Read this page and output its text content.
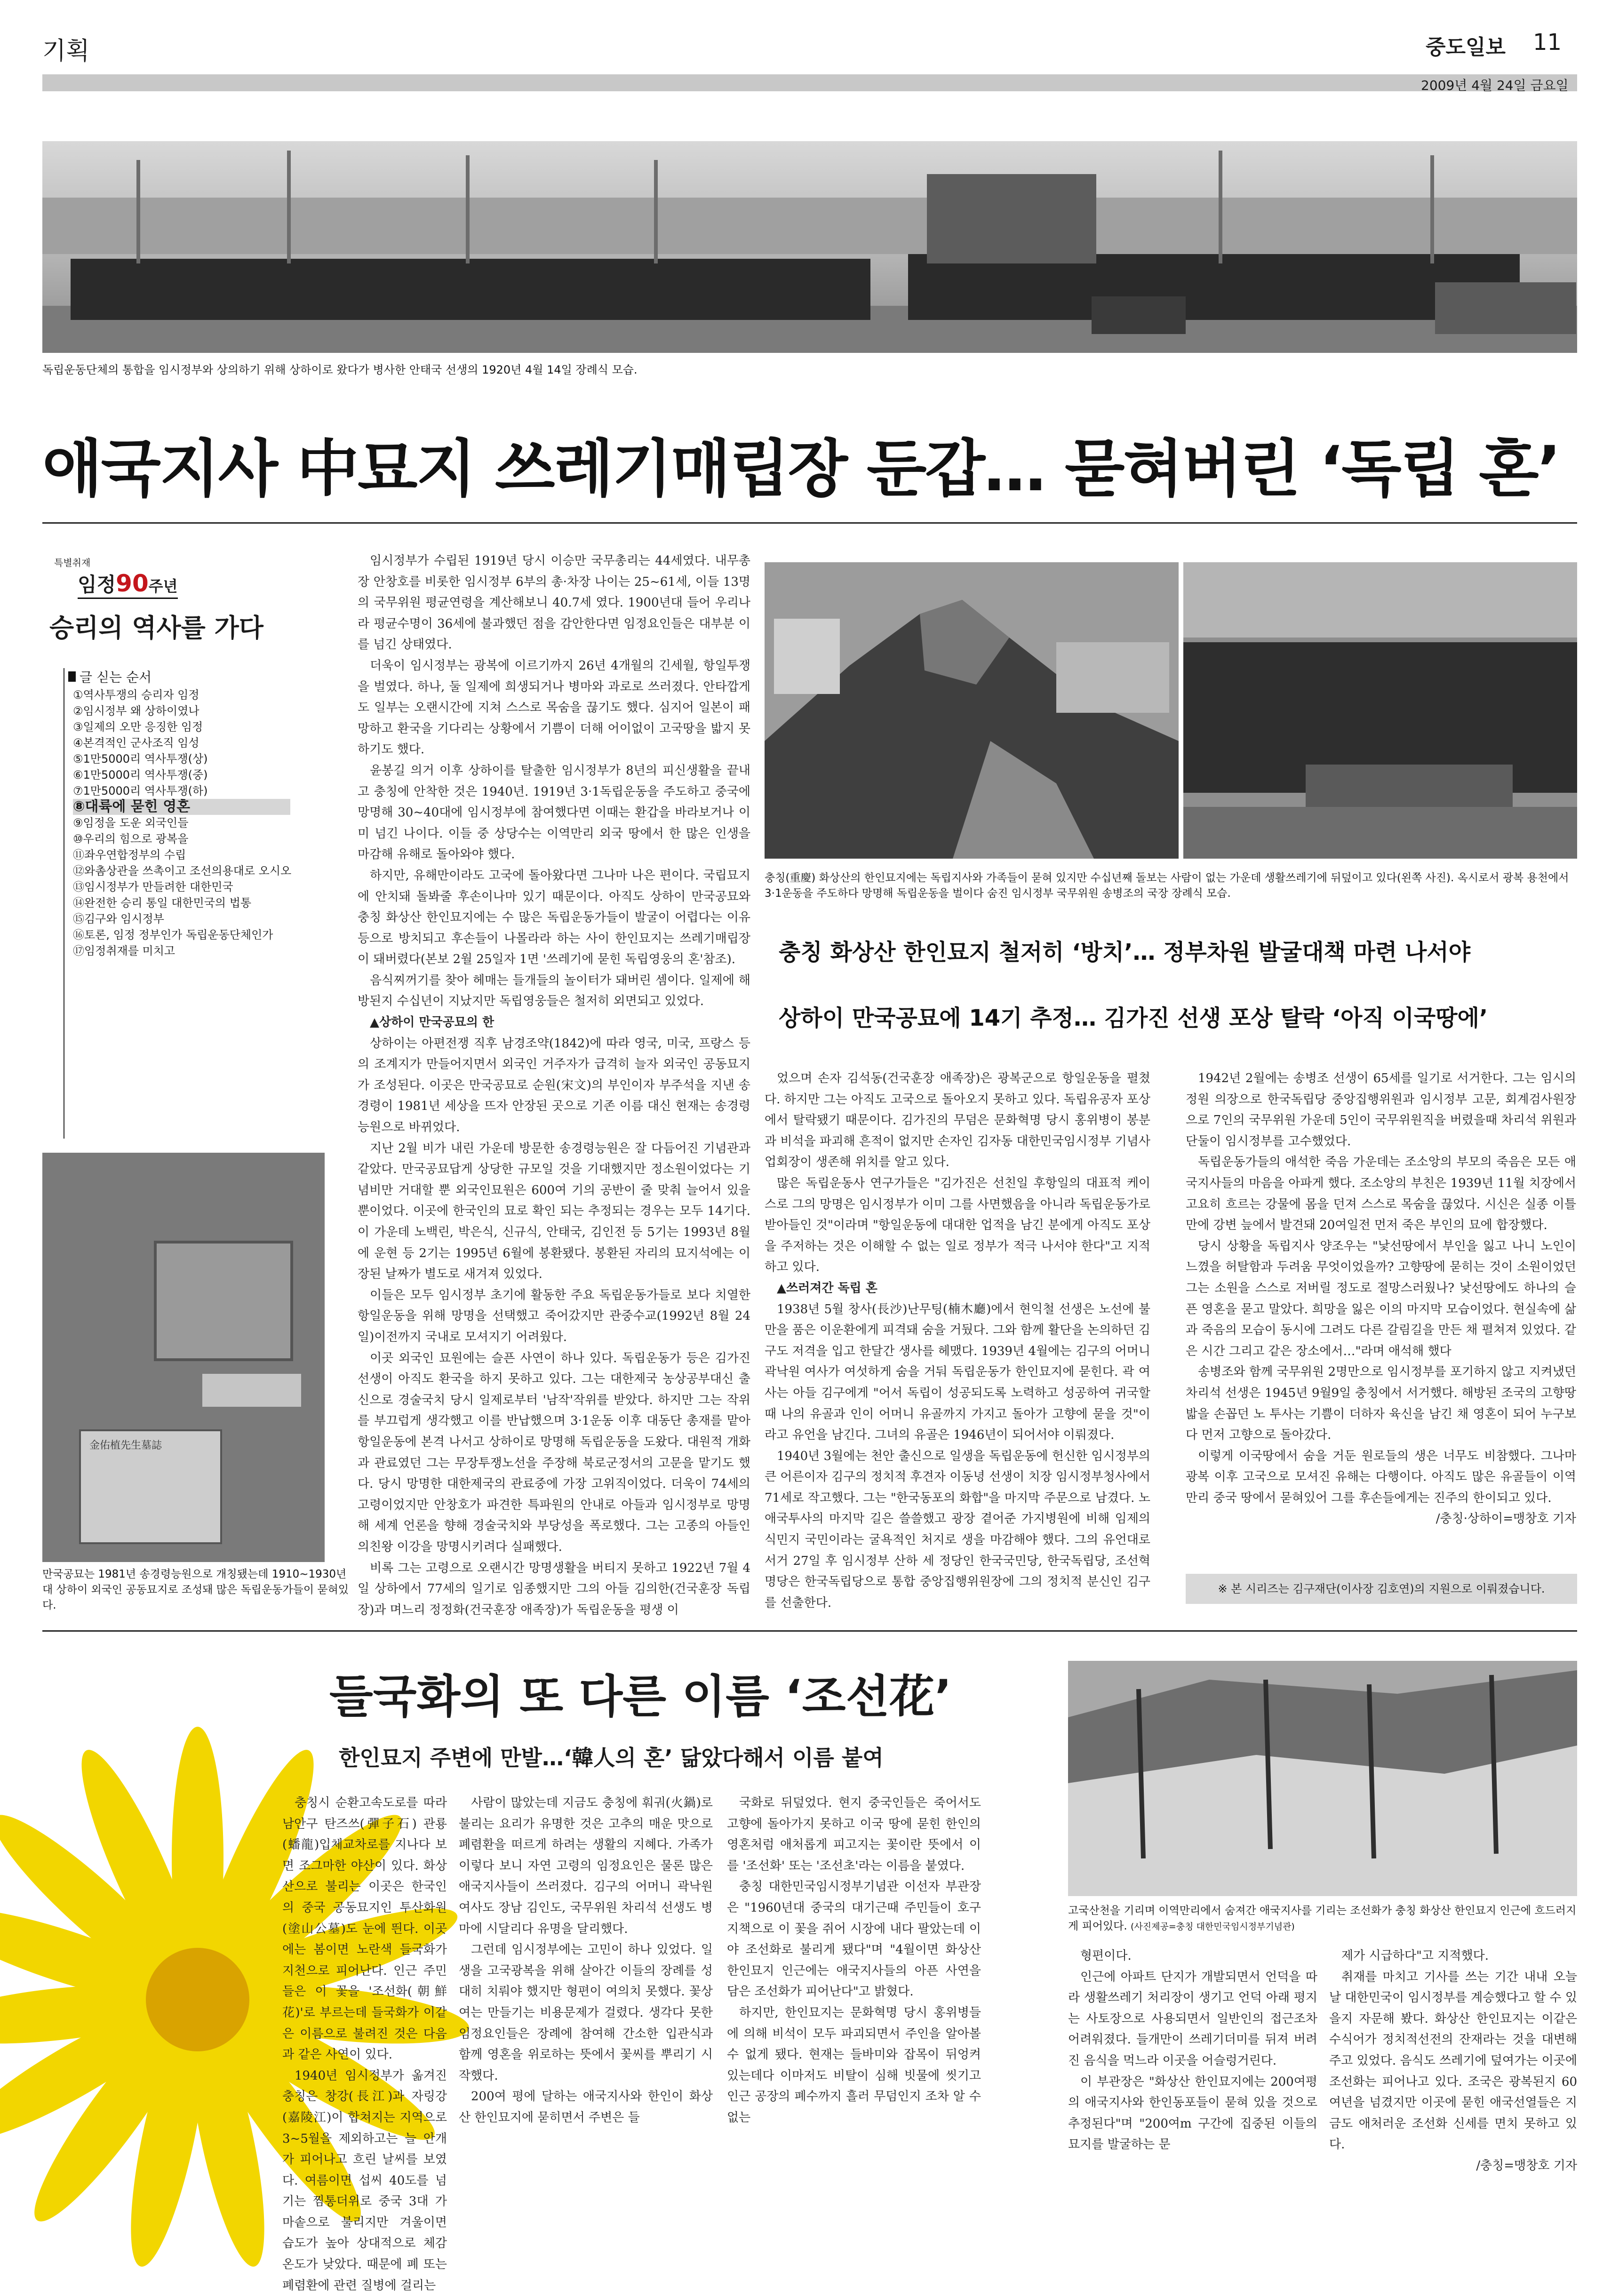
기획	중도일보 11
2009년 4월 24일 금요일
독립운동단체의 통합을 임시정부와 상의하기 위해 상하이로 왔다가 병사한 안태국 선생의 1920년 4월 14일 장례식 모습.
애국지사 中묘지 쓰레기매립장 둔갑… 묻혀버린 ‘독립 혼’
특별취재
임정90주년
승리의 역사를 가다
글 싣는 순서
①역사투쟁의 승리자 임정
②임시정부 왜 상하이였나
③일제의 오만 응징한 임정
④본격적인 군사조직 임성
⑤1만5000리 역사투쟁(상)
⑥1만5000리 역사투쟁(중)
⑦1만5000리 역사투쟁(하)
⑧대륙에 묻힌 영혼
⑨임정을 도운 외국인들
⑩우리의 힘으로 광복을
⑪좌우연합정부의 수립
⑫와촘상관을 쓰촉이고 조선의용대로 오시오
⑬임시정부가 만들려한 대한민국
⑭완전한 승리 통일 대한민국의 법통
⑮김구와 임시정부
⑯토론, 임정 정부인가 독립운동단체인가
⑰임정취재를 미치고

임시정부가 수립된 1919년 당시 이승만 국무총리는 44세였다. 내무총장 안창호를 비롯한 임시정부 6부의 총·차장 나이는 25~61세, 이들 13명의 국무위원 평균연령을 계산해보니 40.7세 였다. 1900년대 들어 우리나라 평균수명이 36세에 불과했던 점을 감안한다면 임정요인들은 대부분 이를 넘긴 상태였다.

더욱이 임시정부는 광복에 이르기까지 26년 4개월의 긴세월, 항일투쟁을 벌였다. 하나, 둘 일제에 희생되거나 병마와 과로로 쓰러졌다. 안타깝게도 일부는 오랜시간에 지쳐 스스로 목숨을 끊기도 했다. 심지어 일본이 패망하고 환국을 기다리는 상황에서 기쁨이 더해 어이없이 고국땅을 밟지 못하기도 했다.

윤봉길 의거 이후 상하이를 탈출한 임시정부가 8년의 피신생활을 끝내고 충칭에 안착한 것은 1940년. 1919년 3·1독립운동을 주도하고 중국에 망명해 30~40대에 임시정부에 참여했다면 이때는 환갑을 바라보거나 이미 넘긴 나이다. 이들 중 상당수는 이역만리 외국 땅에서 한 많은 인생을 마감해 유해로 돌아와야 했다.

하지만, 유해만이라도 고국에 돌아왔다면 그나마 나은 편이다. 국립묘지에 안치돼 돌봐줄 후손이나마 있기 때문이다. 아직도 상하이 만국공묘와 충칭 화상산 한인묘지에는 수 많은 독립운동가들이 발굴이 어렵다는 이유 등으로 방치되고 후손들이 나몰라라 하는 사이 한인묘지는 쓰레기매립장이 돼버렸다(본보 2월 25일자 1면 '쓰레기에 묻힌 독립영웅의 혼'참조).

음식찌꺼기를 찾아 헤매는 들개들의 놀이터가 돼버린 셈이다. 일제에 해방된지 수십년이 지났지만 독립영웅들은 철저히 외면되고 있었다.

▲상하이 만국공묘의 한

상하이는 아편전쟁 직후 남경조약(1842)에 따라 영국, 미국, 프랑스 등의 조계지가 만들어지면서 외국인 거주자가 급격히 늘자 외국인 공동묘지가 조성된다. 이곳은 만국공묘로 순원(宋文)의 부인이자 부주석을 지낸 송경령이 1981년 세상을 뜨자 안장된 곳으로 기존 이름 대신 현재는 송경령능원으로 바뀌었다.

지난 2월 비가 내린 가운데 방문한 송경령능원은 잘 다듬어진 기념관과 같았다. 만국공묘답게 상당한 규모일 것을 기대했지만 정소원이었다는 기념비만 거대할 뿐 외국인묘원은 600여 기의 공반이 줄 맞춰 늘어서 있을 뿐이었다. 이곳에 한국인의 묘로 확인 되는 추정되는 경우는 모두 14기다. 이 가운데 노백린, 박은식, 신규식, 안태국, 김인전 등 5기는 1993년 8월에 운현 등 2기는 1995년 6월에 봉환됐다. 봉환된 자리의 묘지석에는 이장된 날짜가 별도로 새겨져 있었다.

이들은 모두 임시정부 초기에 활동한 주요 독립운동가들로 보다 치열한 항일운동을 위해 망명을 선택했고 죽어갔지만 관중수교(1992년 8월 24일)이전까지 국내로 모셔지기 어려웠다.

이곳 외국인 묘원에는 슬픈 사연이 하나 있다. 독립운동가 등은 김가진 선생이 아직도 환국을 하지 못하고 있다. 그는 대한제국 농상공부대신 출신으로 경술국치 당시 일제로부터 '남작'작위를 받았다. 하지만 그는 작위를 부끄럽게 생각했고 이를 반납했으며 3·1운동 이후 대동단 총재를 맡아 항일운동에 본격 나서고 상하이로 망명해 독립운동을 도왔다. 대원적 개화과 관료였던 그는 무장투쟁노선을 주장해 북로군정서의 고문을 맡기도 했다. 당시 망명한 대한제국의 관료중에 가장 고위직이었다. 더욱이 74세의 고령이었지만 안창호가 파견한 특파원의 안내로 아들과 임시정부로 망명해 세계 언론을 향해 경술국치와 부당성을 폭로했다. 그는 고종의 아들인 의친왕 이강을 망명시키려다 실패했다.

비록 그는 고령으로 오랜시간 망명생활을 버티지 못하고 1922년 7월 4일 상하에서 77세의 일기로 임종했지만 그의 아들 김의한(건국훈장 독립장)과 며느리 정정화(건국훈장 애족장)가 독립운동을 평생 이

충칭(重慶) 화상산의 한인묘지에는 독립지사와 가족들이 묻혀 있지만 수십년째 돌보는 사람이 없는 가운데 생활쓰레기에 뒤덮이고 있다(왼쪽 사진). 옥시로서 광복 용천에서 3·1운동을 주도하다 망명해 독립운동을 벌이다 숨진 임시정부 국무위원 송병조의 국장 장례식 모습.
충칭 화상산 한인묘지 철저히 ‘방치’… 정부차원 발굴대책 마련 나서야
상하이 만국공묘에 14기 추정… 김가진 선생 포상 탈락 ‘아직 이국땅에’

었으며 손자 김석동(건국훈장 애족장)은 광복군으로 항일운동을 펼쳤다. 하지만 그는 아직도 고국으로 돌아오지 못하고 있다. 독립유공자 포상에서 탈락됐기 때문이다. 김가진의 무덤은 문화혁명 당시 홍위병이 봉분과 비석을 파괴해 흔적이 없지만 손자인 김자동 대한민국임시정부 기념사업회장이 생존해 위치를 알고 있다.

많은 독립운동사 연구가들은 "김가진은 선친일 후항일의 대표적 케이스로 그의 망명은 임시정부가 이미 그를 사면했음을 아니라 독립운동가로 받아들인 것"이라며 "항일운동에 대대한 업적을 남긴 분에게 아직도 포상을 주저하는 것은 이해할 수 없는 일로 정부가 적극 나서야 한다"고 지적하고 있다.

▲쓰러져간 독립 혼

1938년 5월 창사(長沙)난무팅(楠木廳)에서 현익철 선생은 노선에 불만을 품은 이운환에게 피격돼 숨을 거뒀다. 그와 함께 활단을 논의하던 김구도 저격을 입고 한달간 생사를 헤맸다. 1939년 4월에는 김구의 어머니 곽낙원 여사가 여섯하게 숨을 거둬 독립운동가 한인묘지에 묻힌다. 곽 여사는 아들 김구에게 "어서 독립이 성공되도록 노력하고 성공하여 귀국할때 나의 유골과 인이 어머니 유골까지 가지고 돌아가 고향에 묻을 것"이라고 유언을 남긴다. 그녀의 유골은 1946년이 되어서야 이뤄졌다.

1940년 3월에는 천안 출신으로 일생을 독립운동에 헌신한 임시정부의 큰 어른이자 김구의 정치적 후견자 이동녕 선생이 치장 임시정부청사에서 71세로 작고했다. 그는 "한국동포의 화합"을 마지막 주문으로 남겼다. 노 애국투사의 마지막 길은 쓸쓸했고 광장 곁어준 가지병원에 비해 임제의 식민지 국민이라는 굴욕적인 처지로 생을 마감해야 했다. 그의 유언대로 서거 27일 후 임시정부 산하 세 정당인 한국국민당, 한국독립당, 조선혁명당은 한국독립당으로 통합 중앙집행위원장에 그의 정치적 분신인 김구를 선출한다.

1942년 2월에는 송병조 선생이 65세를 일기로 서거한다. 그는 임시의정원 의장으로 한국독립당 중앙집행위원과 임시정부 고문, 회계검사원장으로 7인의 국무위원 가운데 5인이 국무위원직을 버렸을때 차리석 위원과 단둘이 임시정부를 고수했었다.

독립운동가들의 애석한 죽음 가운데는 조소앙의 부모의 죽음은 모든 애국지사들의 마음을 아파게 했다. 조소앙의 부친은 1939년 11월 치장에서 고요히 흐르는 강물에 몸을 던져 스스로 목숨을 끊었다. 시신은 실종 이틀만에 강변 늪에서 발견돼 20여일전 먼저 죽은 부인의 묘에 합장했다.

당시 상황을 독립지사 양조우는 "낯선땅에서 부인을 잃고 나니 노인이 느꼈을 허탈함과 두려움 무엇이었을까? 고향땅에 묻히는 것이 소원이었던 그는 소원을 스스로 저버릴 정도로 절망스러웠나? 낯선땅에도 하나의 슬픈 영혼을 묻고 말았다. 희망을 잃은 이의 마지막 모습이었다. 현실속에 삶과 죽음의 모습이 동시에 그려도 다른 갈림길을 만든 채 펼쳐져 있었다. 같은 시간 그리고 같은 장소에서…"라며 애석해 했다

송병조와 함께 국무위원 2명만으로 임시정부를 포기하지 않고 지켜냈던 차리석 선생은 1945년 9월9일 충칭에서 서거했다. 해방된 조국의 고향땅 밟을 손꼽던 노 투사는 기쁨이 더하자 육신을 남긴 채 영혼이 되어 누구보다 먼저 고향으로 돌아갔다.

이렇게 이국땅에서 숨을 거둔 원로들의 생은 너무도 비참했다. 그나마 광복 이후 고국으로 모셔진 유해는 다행이다. 아직도 많은 유골들이 이역만리 중국 땅에서 묻혀있어 그를 후손들에게는 진주의 한이되고 있다.

/충칭·상하이=맹창호 기자

※ 본 시리즈는 김구재단(이사장 김호연)의 지원으로 이뤄졌습니다.
金佑植先生墓誌
만국공묘는 1981년 송경령능원으로 개칭됐는데 1910~1930년대 상하이 외국인 공동묘지로 조성돼 많은 독립운동가들이 묻혀있다.
들국화의 또 다른 이름 ‘조선花’
한인묘지 주변에 만발…‘韓人의 혼’ 닮았다해서 이름 붙여

충칭시 순환고속도로를 따라 남안구 탄즈쓰(彈子石) 관룡(蟠龍)입체교차로를 지나다 보면 조그마한 야산이 있다. 화상산으로 불리는 이곳은 한국인의 중국 공동묘지인 투산화원(塗山公墓)도 눈에 띈다. 이곳에는 봄이면 노란색 들국화가 지천으로 피어난다. 인근 주민들은 이 꽃을 '조선화(朝鮮花)'로 부르는데 들국화가 이같은 이름으로 불려진 것은 다음과 같은 사연이 있다.

1940년 임시정부가 옮겨진 충칭은 창강(長江)과 자링강(嘉陵江)이 합쳐지는 지역으로 3~5월을 제외하고는 늘 안개가 피어나고 흐린 날씨를 보였다. 여름이면 섭씨 40도를 넘기는 찜통더위로 중국 3대 가마솥으로 불리지만 겨울이면 습도가 높아 상대적으로 체감온도가 낮았다. 때문에 폐 또는 폐렴환에 관련 질병에 걸리는

사람이 많았는데 지금도 충칭에 훠궈(火鍋)로 불리는 요리가 유명한 것은 고추의 매운 맛으로 폐렴환을 떠르게 하려는 생활의 지혜다. 가족가 이렇다 보니 자연 고령의 임정요인은 물론 많은 애국지사들이 쓰러졌다. 김구의 어머니 곽낙원 여사도 장남 김인도, 국무위원 차리석 선생도 병마에 시달리다 유명을 달리했다.

그런데 임시정부에는 고민이 하나 있었다. 일생을 고국광복을 위해 살아간 이들의 장례를 성대히 치뤄야 했지만 형편이 여의치 못했다. 꽃상여는 만들기는 비용문제가 걸렸다. 생각다 못한 임정요인들은 장례에 참여해 간소한 입관식과 함께 영혼을 위로하는 뜻에서 꽃씨를 뿌리기 시작했다.

200여 평에 달하는 애국지사와 한인이 화상산 한인묘지에 묻히면서 주변은 들

국화로 뒤덮었다. 현지 중국인들은 죽어서도 고향에 돌아가지 못하고 이국 땅에 묻힌 한인의 영혼처럼 애처롭게 피고지는 꽃이란 뜻에서 이를 '조선화' 또는 '조선초'라는 이름을 붙였다.

충칭 대한민국임시정부기념관 이선자 부관장은 "1960년대 중국의 대기근때 주민들이 호구지책으로 이 꽃을 쥐어 시장에 내다 팔았는데 이야 조선화로 불리게 됐다"며 "4월이면 화상산 한인묘지 인근에는 애국지사들의 아픈 사연을 담은 조선화가 피어난다"고 밝혔다.

하지만, 한인묘지는 문화혁명 당시 홍위병들에 의해 비석이 모두 파괴되면서 주인을 알아볼 수 없게 됐다. 현재는 들바미와 잡목이 뒤엉켜 있는데다 이마저도 비탈이 심해 빗물에 씻기고 인근 공장의 폐수까지 흘러 무덤인지 조차 알 수 없는

고국산천을 기리며 이역만리에서 숨져간 애국지사를 기리는 조선화가 충칭 화상산 한인묘지 인근에 흐드러지게 피어있다. (사진제공=충칭 대한민국임시정부기념관)

형편이다.

인근에 아파트 단지가 개발되면서 언덕을 따라 생활쓰레기 처리장이 생기고 언덕 아래 평지는 사토장으로 사용되면서 일반인의 접근조차 어려워졌다. 들개만이 쓰레기더미를 뒤져 버려진 음식을 먹느라 이곳을 어슬렁거린다.

이 부관장은 "화상산 한인묘지에는 200여평의 애국지사와 한인동포들이 묻혀 있을 것으로 추정된다"며 "200여m 구간에 집중된 이들의 묘지를 발굴하는 문

제가 시급하다"고 지적했다.

취재를 마치고 기사를 쓰는 기간 내내 오늘날 대한민국이 임시정부를 계승했다고 할 수 있을지 자문해 봤다. 화상산 한인묘지는 이같은 수식어가 정치적선전의 잔재라는 것을 대변해주고 있었다. 음식도 쓰레기에 덮여가는 이곳에 조선화는 피어나고 있다. 조국은 광복된지 60여년을 넘겼지만 이곳에 묻힌 애국선열들은 지금도 애처러운 조선화 신세를 면치 못하고 있다.

/충칭=맹창호 기자
